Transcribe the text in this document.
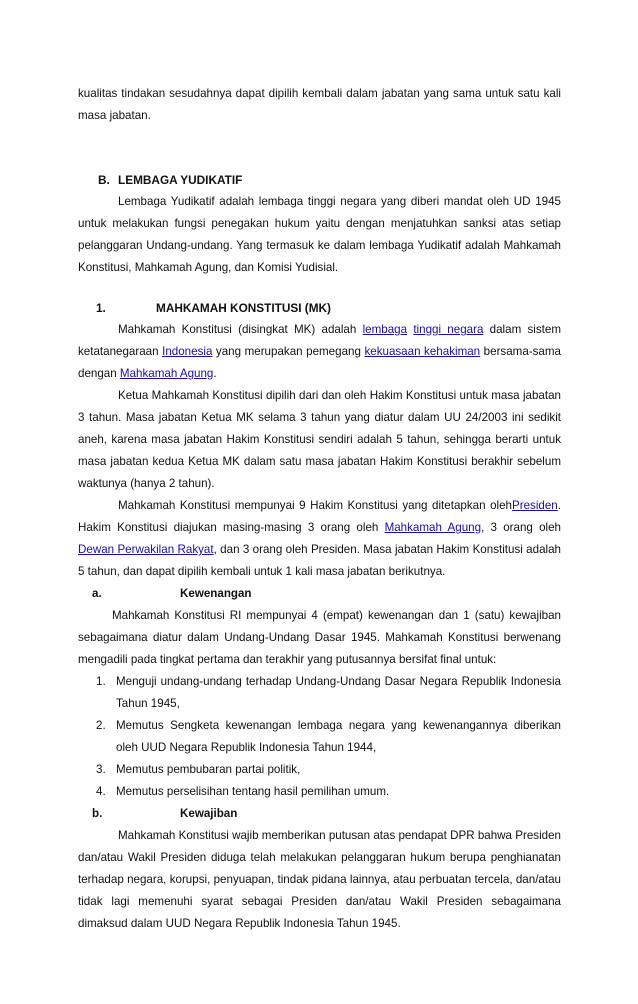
kualitas tindakan sesudahnya dapat dipilih kembali dalam jabatan yang sama untuk satu kali masa jabatan.

B. LEMBAGA YUDIKATIF

Lembaga Yudikatif adalah lembaga tinggi negara yang diberi mandat oleh UD 1945 untuk melakukan fungsi penegakan hukum yaitu dengan menjatuhkan sanksi atas setiap pelanggaran Undang-undang. Yang termasuk ke dalam lembaga Yudikatif adalah Mahkamah Konstitusi, Mahkamah Agung, dan Komisi Yudisial.

1.	MAHKAMAH KONSTITUSI (MK)

Mahkamah Konstitusi (disingkat MK) adalah lembaga tinggi negara dalam sistem ketatanegaraan Indonesia yang merupakan pemegang kekuasaan kehakiman bersama-sama dengan Mahkamah Agung.

Ketua Mahkamah Konstitusi dipilih dari dan oleh Hakim Konstitusi untuk masa jabatan 3 tahun. Masa jabatan Ketua MK selama 3 tahun yang diatur dalam UU 24/2003 ini sedikit aneh, karena masa jabatan Hakim Konstitusi sendiri adalah 5 tahun, sehingga berarti untuk masa jabatan kedua Ketua MK dalam satu masa jabatan Hakim Konstitusi berakhir sebelum waktunya (hanya 2 tahun).

Mahkamah Konstitusi mempunyai 9 Hakim Konstitusi yang ditetapkan olehPresiden. Hakim Konstitusi diajukan masing-masing 3 orang oleh Mahkamah Agung, 3 orang oleh Dewan Perwakilan Rakyat, dan 3 orang oleh Presiden. Masa jabatan Hakim Konstitusi adalah 5 tahun, dan dapat dipilih kembali untuk 1 kali masa jabatan berikutnya.

a.	Kewenangan

Mahkamah Konstitusi RI mempunyai 4 (empat) kewenangan dan 1 (satu) kewajiban sebagaimana diatur dalam Undang-Undang Dasar 1945. Mahkamah Konstitusi berwenang mengadili pada tingkat pertama dan terakhir yang putusannya bersifat final untuk:

1. Menguji undang-undang terhadap Undang-Undang Dasar Negara Republik Indonesia Tahun 1945,
2. Memutus Sengketa kewenangan lembaga negara yang kewenangannya diberikan oleh UUD Negara Republik Indonesia Tahun 1944,
3. Memutus pembubaran partai politik,
4. Memutus perselisihan tentang hasil pemilihan umum.
b.	Kewajiban

Mahkamah Konstitusi wajib memberikan putusan atas pendapat DPR bahwa Presiden dan/atau Wakil Presiden diduga telah melakukan pelanggaran hukum berupa penghianatan terhadap negara, korupsi, penyuapan, tindak pidana lainnya, atau perbuatan tercela, dan/atau

tidak lagi memenuhi syarat sebagai Presiden dan/atau Wakil Presiden sebagaimana dimaksud dalam UUD Negara Republik Indonesia Tahun 1945.
